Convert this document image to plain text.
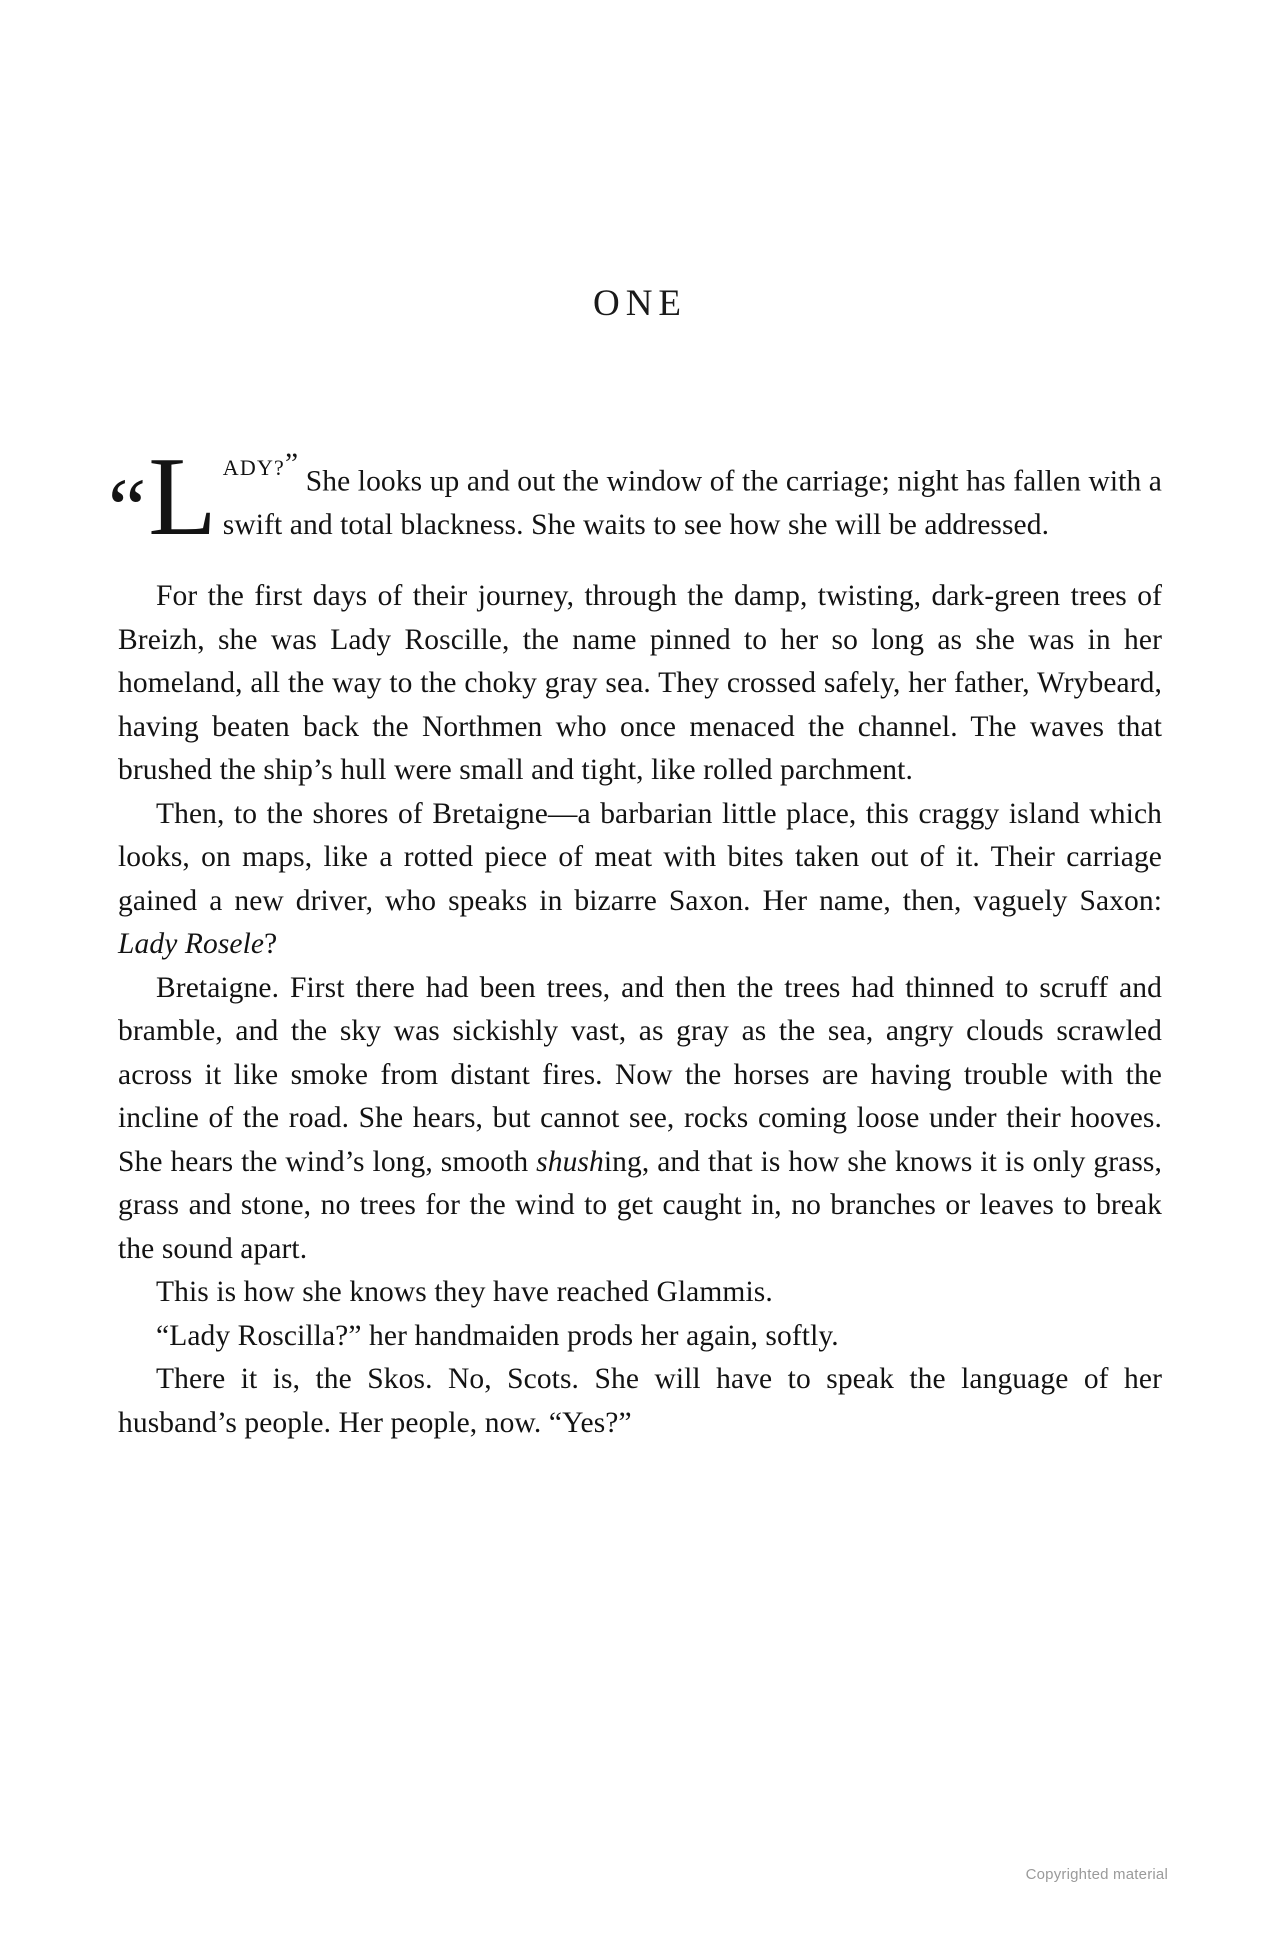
ONE

“ L $^{ADY?}$” She looks up and out the window of the carriage; night has fallen with a swift and total blackness. She waits to see how she will be addressed.

For the first days of their journey, through the damp, twisting, dark-green trees of Breizh, she was Lady Roscille, the name pinned to her so long as she was in her homeland, all the way to the choky gray sea. They crossed safely, her father, Wrybeard, having beaten back the Northmen who once menaced the channel. The waves that brushed the ship’s hull were small and tight, like rolled parchment.

Then, to the shores of Bretaigne—a barbarian little place, this craggy island which looks, on maps, like a rotted piece of meat with bites taken out of it. Their carriage gained a new driver, who speaks in bizarre Saxon. Her name, then, vaguely Saxon: Lady Rosele?

Bretaigne. First there had been trees, and then the trees had thinned to scruff and bramble, and the sky was sickishly vast, as gray as the sea, angry clouds scrawled across it like smoke from distant fires. Now the horses are having trouble with the incline of the road. She hears, but cannot see, rocks coming loose under their hooves. She hears the wind’s long, smooth shushing, and that is how she knows it is only grass, grass and stone, no trees for the wind to get caught in, no branches or leaves to break the sound apart.

This is how she knows they have reached Glammis.

“Lady Roscilla?” her handmaiden prods her again, softly.

There it is, the Skos. No, Scots. She will have to speak the language of her husband’s people. Her people, now. “Yes?”

Copyrighted material
